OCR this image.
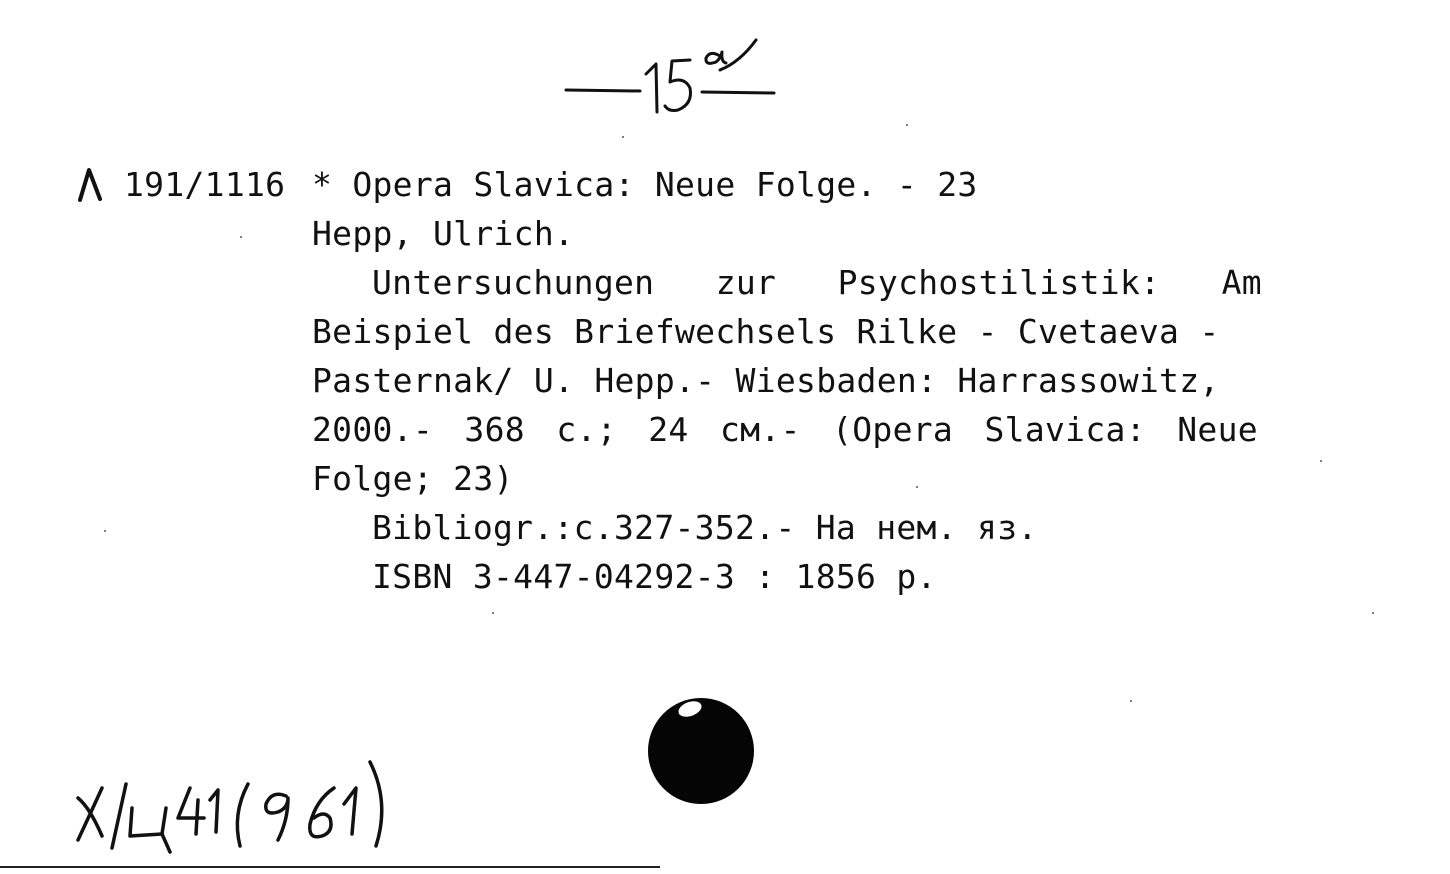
191/1116 * Opera Slavica: Neue Folge. - 23
Hepp, Ulrich.
Untersuchungen zur Psychostilistik: Am
Beispiel des Briefwechsels Rilke - Cvetaeva -
Pasternak/ U. Hepp.- Wiesbaden: Harrassowitz,
2000.- 368 с.; 24 см.- (Opera Slavica: Neue
Folge; 23)
Bibliogr.:c.327-352.- На нем. яз.
ISBN 3-447-04292-3 : 1856 р.
